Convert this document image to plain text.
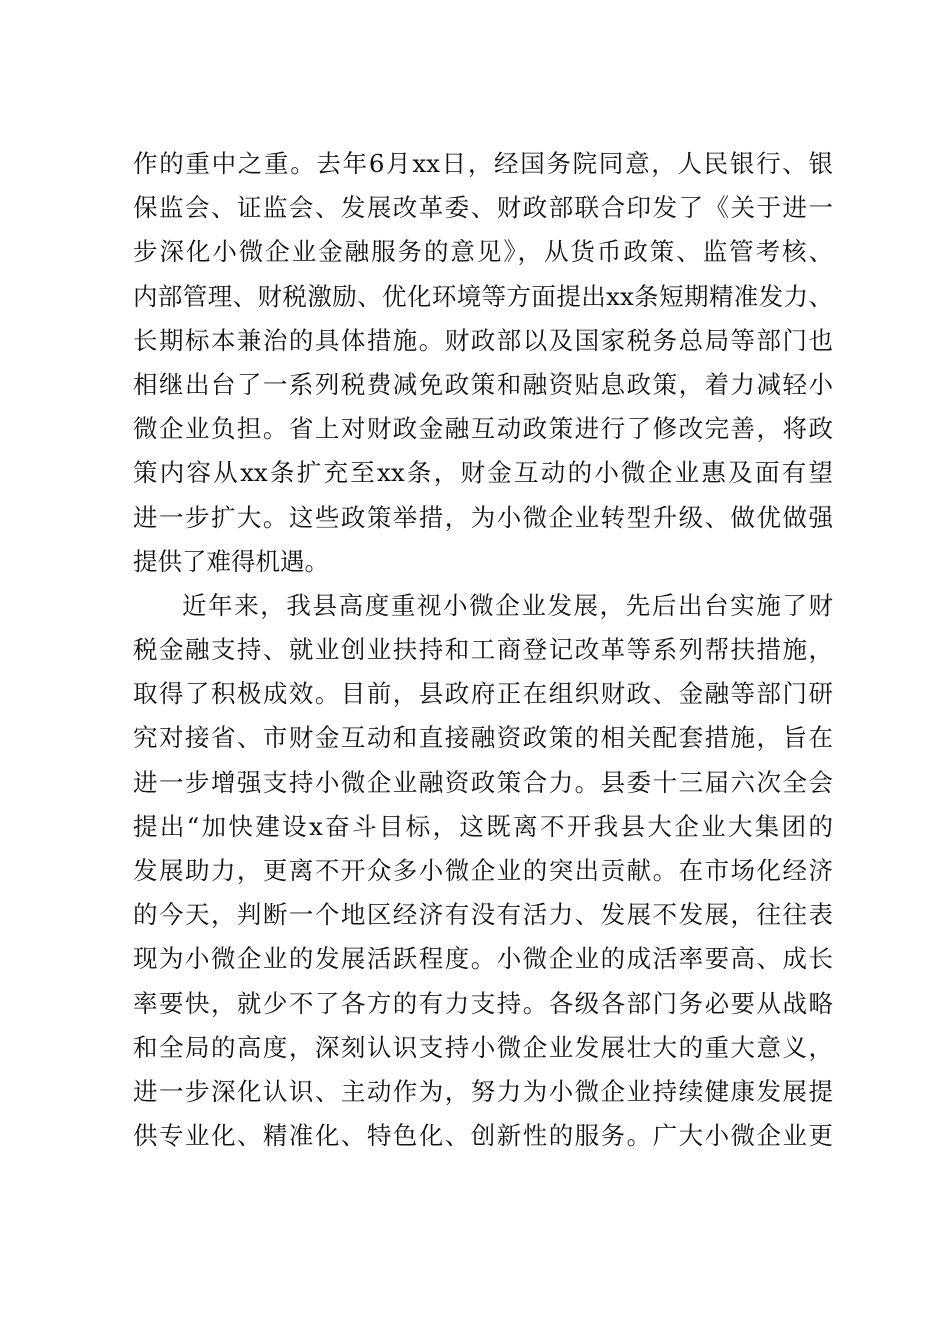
作的重中之重。去年6月xx日，经国务院同意，人民银行、银
保监会、证监会、发展改革委、财政部联合印发了《关于进一
步深化小微企业金融服务的意见》，从货币政策、监管考核、
内部管理、财税激励、优化环境等方面提出xx条短期精准发力、
长期标本兼治的具体措施。财政部以及国家税务总局等部门也
相继出台了一系列税费减免政策和融资贴息政策，着力减轻小
微企业负担。省上对财政金融互动政策进行了修改完善，将政
策内容从xx条扩充至xx条，财金互动的小微企业惠及面有望
进一步扩大。这些政策举措，为小微企业转型升级、做优做强
提供了难得机遇。
近年来，我县高度重视小微企业发展，先后出台实施了财
税金融支持、就业创业扶持和工商登记改革等系列帮扶措施，
取得了积极成效。目前，县政府正在组织财政、金融等部门研
究对接省、市财金互动和直接融资政策的相关配套措施，旨在
进一步增强支持小微企业融资政策合力。县委十三届六次全会
提出“加快建设x奋斗目标，这既离不开我县大企业大集团的
发展助力，更离不开众多小微企业的突出贡献。在市场化经济
的今天，判断一个地区经济有没有活力、发展不发展，往往表
现为小微企业的发展活跃程度。小微企业的成活率要高、成长
率要快，就少不了各方的有力支持。各级各部门务必要从战略
和全局的高度，深刻认识支持小微企业发展壮大的重大意义，
进一步深化认识、主动作为，努力为小微企业持续健康发展提
供专业化、精准化、特色化、创新性的服务。广大小微企业更
